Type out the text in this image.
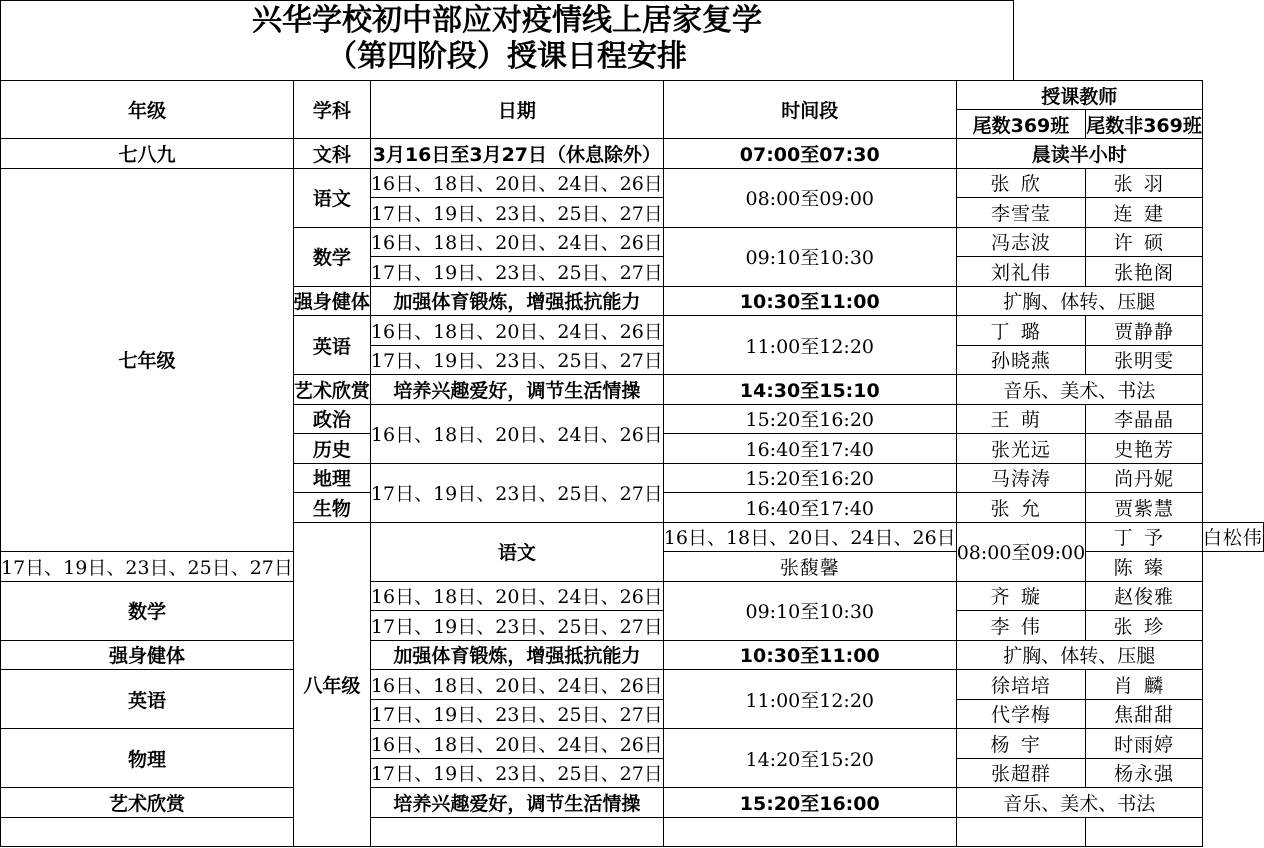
兴华学校初中部应对疫情线上居家复学
（第四阶段）授课日程安排
年级	学科	日期	时间段	授课教师		
				尾数369班	尾数非369班	
七八九	文科	3月16日至3月27日（休息除外）	07:00至07:30	晨读半小时		
七年级	语文	16日、18日、20日、24日、26日	08:00至09:00	张欣	张羽	
		17日、19日、23日、25日、27日		李雪莹	连建	
	数学	16日、18日、20日、24日、26日	09:10至10:30	冯志波	许硕	
		17日、19日、23日、25日、27日		刘礼伟	张艳阁	
	强身健体	加强体育锻炼，增强抵抗能力	10:30至11:00	扩胸、体转、压腿		
	英语	16日、18日、20日、24日、26日	11:00至12:20	丁璐	贾静静	
		17日、19日、23日、25日、27日		孙晓燕	张明雯	
	艺术欣赏	培养兴趣爱好，调节生活情操	14:30至15:10	音乐、美术、书法		
	政治	16日、18日、20日、24日、26日	15:20至16:20	王萌	李晶晶	
	历史		16:40至17:40	张光远	史艳芳	
	地理	17日、19日、23日、25日、27日	15:20至16:20	马涛涛	尚丹妮	
	生物		16:40至17:40	张允	贾紫慧	
	八年级	语文	16日、18日、20日、24日、26日	08:00至09:00	丁予	白松伟
17日、19日、23日、25日、27日			张馥馨		陈臻	
数学		16日、18日、20日、24日、26日	09:10至10:30	齐璇	赵俊雅	
		17日、19日、23日、25日、27日		李伟	张珍	
强身健体		加强体育锻炼，增强抵抗能力	10:30至11:00	扩胸、体转、压腿		
英语		16日、18日、20日、24日、26日	11:00至12:20	徐培培	肖麟	
		17日、19日、23日、25日、27日		代学梅	焦甜甜	
物理		16日、18日、20日、24日、26日	14:20至15:20	杨宇	时雨婷	
		17日、19日、23日、25日、27日		张超群	杨永强	
艺术欣赏		培养兴趣爱好，调节生活情操	15:20至16:00	音乐、美术、书法		
